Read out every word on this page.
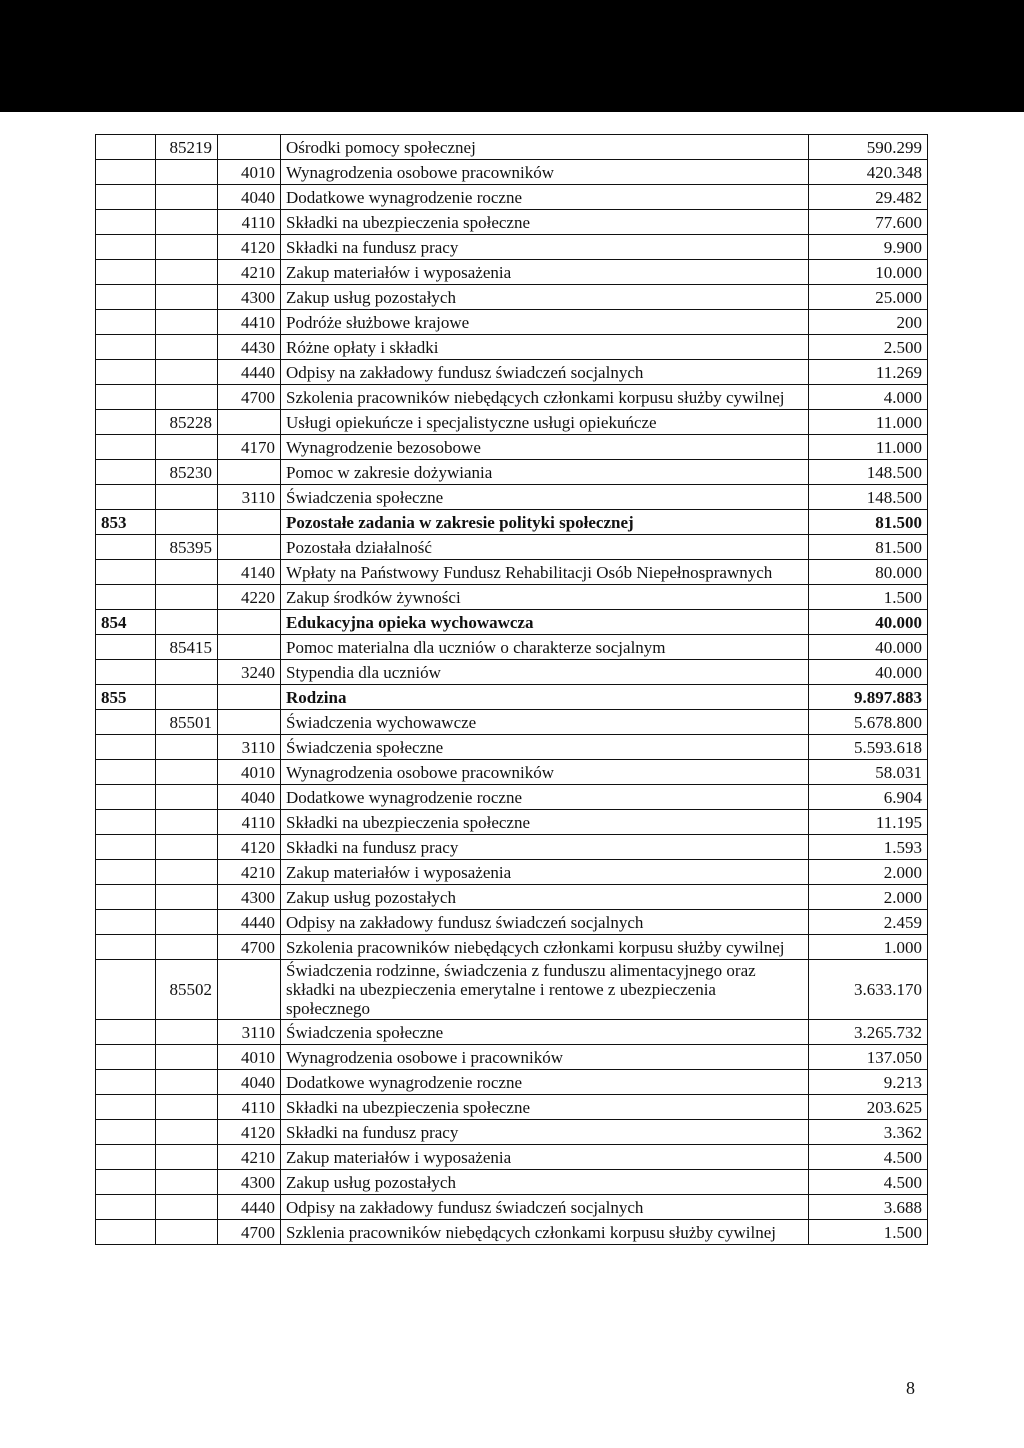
	85219		Ośrodki pomocy społecznej	590.299
		4010	Wynagrodzenia osobowe pracowników	420.348
		4040	Dodatkowe wynagrodzenie roczne	29.482
		4110	Składki na ubezpieczenia społeczne	77.600
		4120	Składki na fundusz pracy	9.900
		4210	Zakup materiałów i wyposażenia	10.000
		4300	Zakup usług pozostałych	25.000
		4410	Podróże służbowe krajowe	200
		4430	Różne opłaty i składki	2.500
		4440	Odpisy na zakładowy fundusz świadczeń socjalnych	11.269
		4700	Szkolenia pracowników niebędących członkami korpusu służby cywilnej	4.000
	85228		Usługi opiekuńcze i specjalistyczne usługi opiekuńcze	11.000
		4170	Wynagrodzenie bezosobowe	11.000
	85230		Pomoc w zakresie dożywiania	148.500
		3110	Świadczenia społeczne	148.500
853			Pozostałe zadania w zakresie polityki społecznej	81.500
	85395		Pozostała działalność	81.500
		4140	Wpłaty na Państwowy Fundusz Rehabilitacji Osób Niepełnosprawnych	80.000
		4220	Zakup środków żywności	1.500
854			Edukacyjna opieka wychowawcza	40.000
	85415		Pomoc materialna dla uczniów o charakterze socjalnym	40.000
		3240	Stypendia dla uczniów	40.000
855			Rodzina	9.897.883
	85501		Świadczenia wychowawcze	5.678.800
		3110	Świadczenia społeczne	5.593.618
		4010	Wynagrodzenia osobowe pracowników	58.031
		4040	Dodatkowe wynagrodzenie roczne	6.904
		4110	Składki na ubezpieczenia społeczne	11.195
		4120	Składki na fundusz pracy	1.593
		4210	Zakup materiałów i wyposażenia	2.000
		4300	Zakup usług pozostałych	2.000
		4440	Odpisy na zakładowy fundusz świadczeń socjalnych	2.459
		4700	Szkolenia pracowników niebędących członkami korpusu służby cywilnej	1.000
	85502		Świadczenia rodzinne, świadczenia z funduszu alimentacyjnego oraz składki na ubezpieczenia emerytalne i rentowe z ubezpieczenia społecznego	3.633.170
		3110	Świadczenia społeczne	3.265.732
		4010	Wynagrodzenia osobowe i pracowników	137.050
		4040	Dodatkowe wynagrodzenie roczne	9.213
		4110	Składki na ubezpieczenia społeczne	203.625
		4120	Składki na fundusz pracy	3.362
		4210	Zakup materiałów i wyposażenia	4.500
		4300	Zakup usług pozostałych	4.500
		4440	Odpisy na zakładowy fundusz świadczeń socjalnych	3.688
		4700	Szklenia pracowników niebędących członkami korpusu służby cywilnej	1.500
8
